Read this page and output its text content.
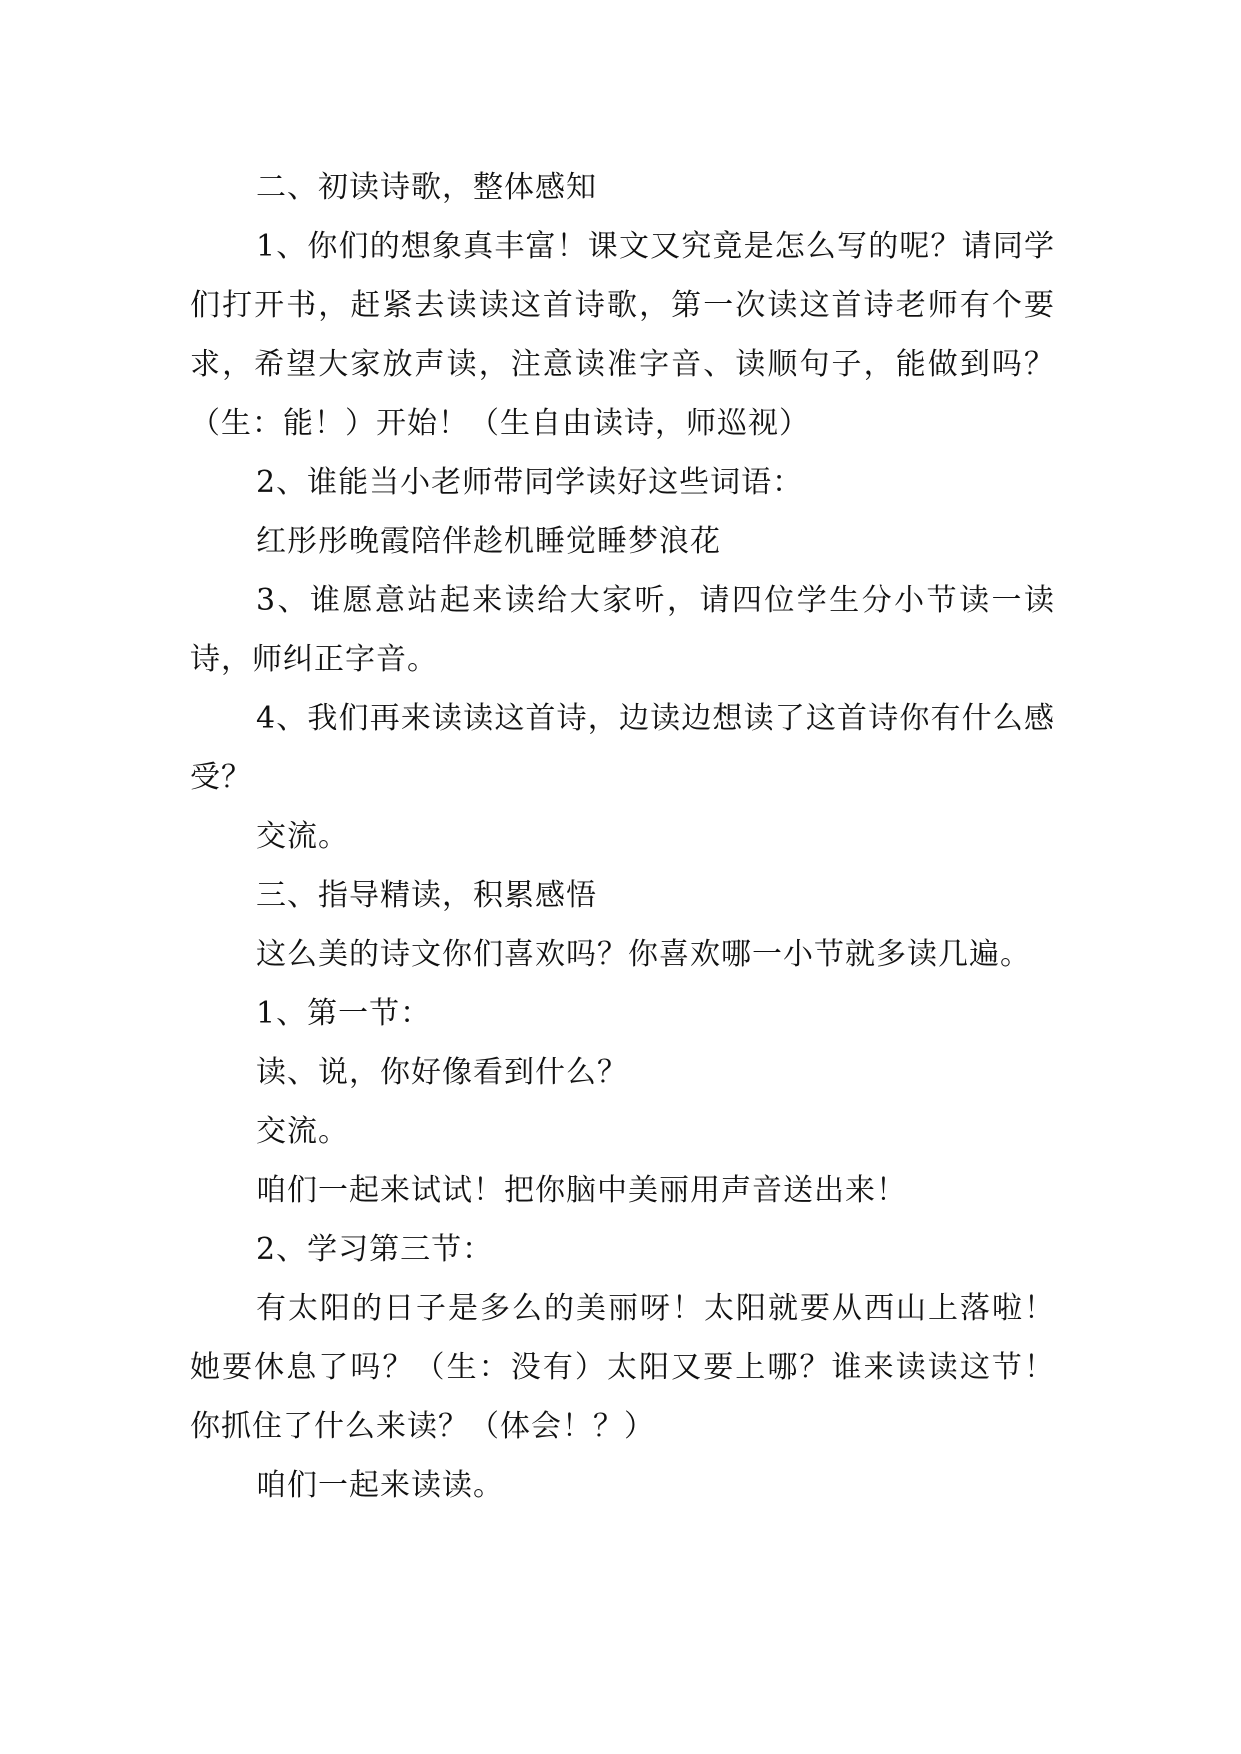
二、初读诗歌，整体感知

1、你们的想象真丰富！课文又究竟是怎么写的呢？请同学们打开书，赶紧去读读这首诗歌，第一次读这首诗老师有个要求，希望大家放声读，注意读准字音、读顺句子，能做到吗？（生：能！）开始！（生自由读诗，师巡视）

2、谁能当小老师带同学读好这些词语：

红彤彤晚霞陪伴趁机睡觉睡梦浪花

3、谁愿意站起来读给大家听，请四位学生分小节读一读诗，师纠正字音。

4、我们再来读读这首诗，边读边想读了这首诗你有什么感受？

交流。

三、指导精读，积累感悟

这么美的诗文你们喜欢吗？你喜欢哪一小节就多读几遍。

1、第一节：

读、说，你好像看到什么？

交流。

咱们一起来试试！把你脑中美丽用声音送出来！

2、学习第三节：

有太阳的日子是多么的美丽呀！太阳就要从西山上落啦！她要休息了吗？（生：没有）太阳又要上哪？谁来读读这节！你抓住了什么来读？（体会！？）

咱们一起来读读。
